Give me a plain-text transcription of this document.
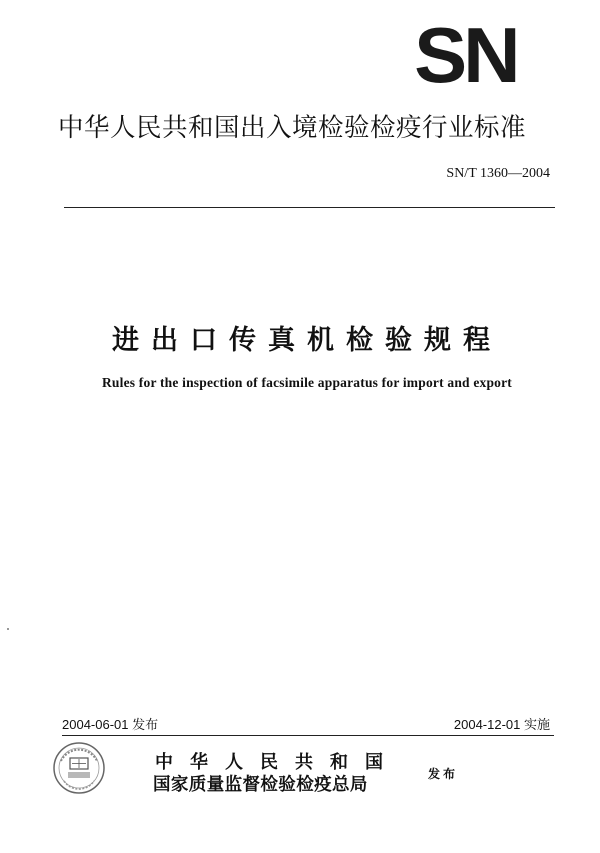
SN
中华人民共和国出入境检验检疫行业标准
SN/T 1360—2004
进出口传真机检验规程
Rules for the inspection of facsimile apparatus for import and export
2004-06-01 发布	2004-12-01 实施
中华人民共和国
国家质量监督检验检疫总局
发布
